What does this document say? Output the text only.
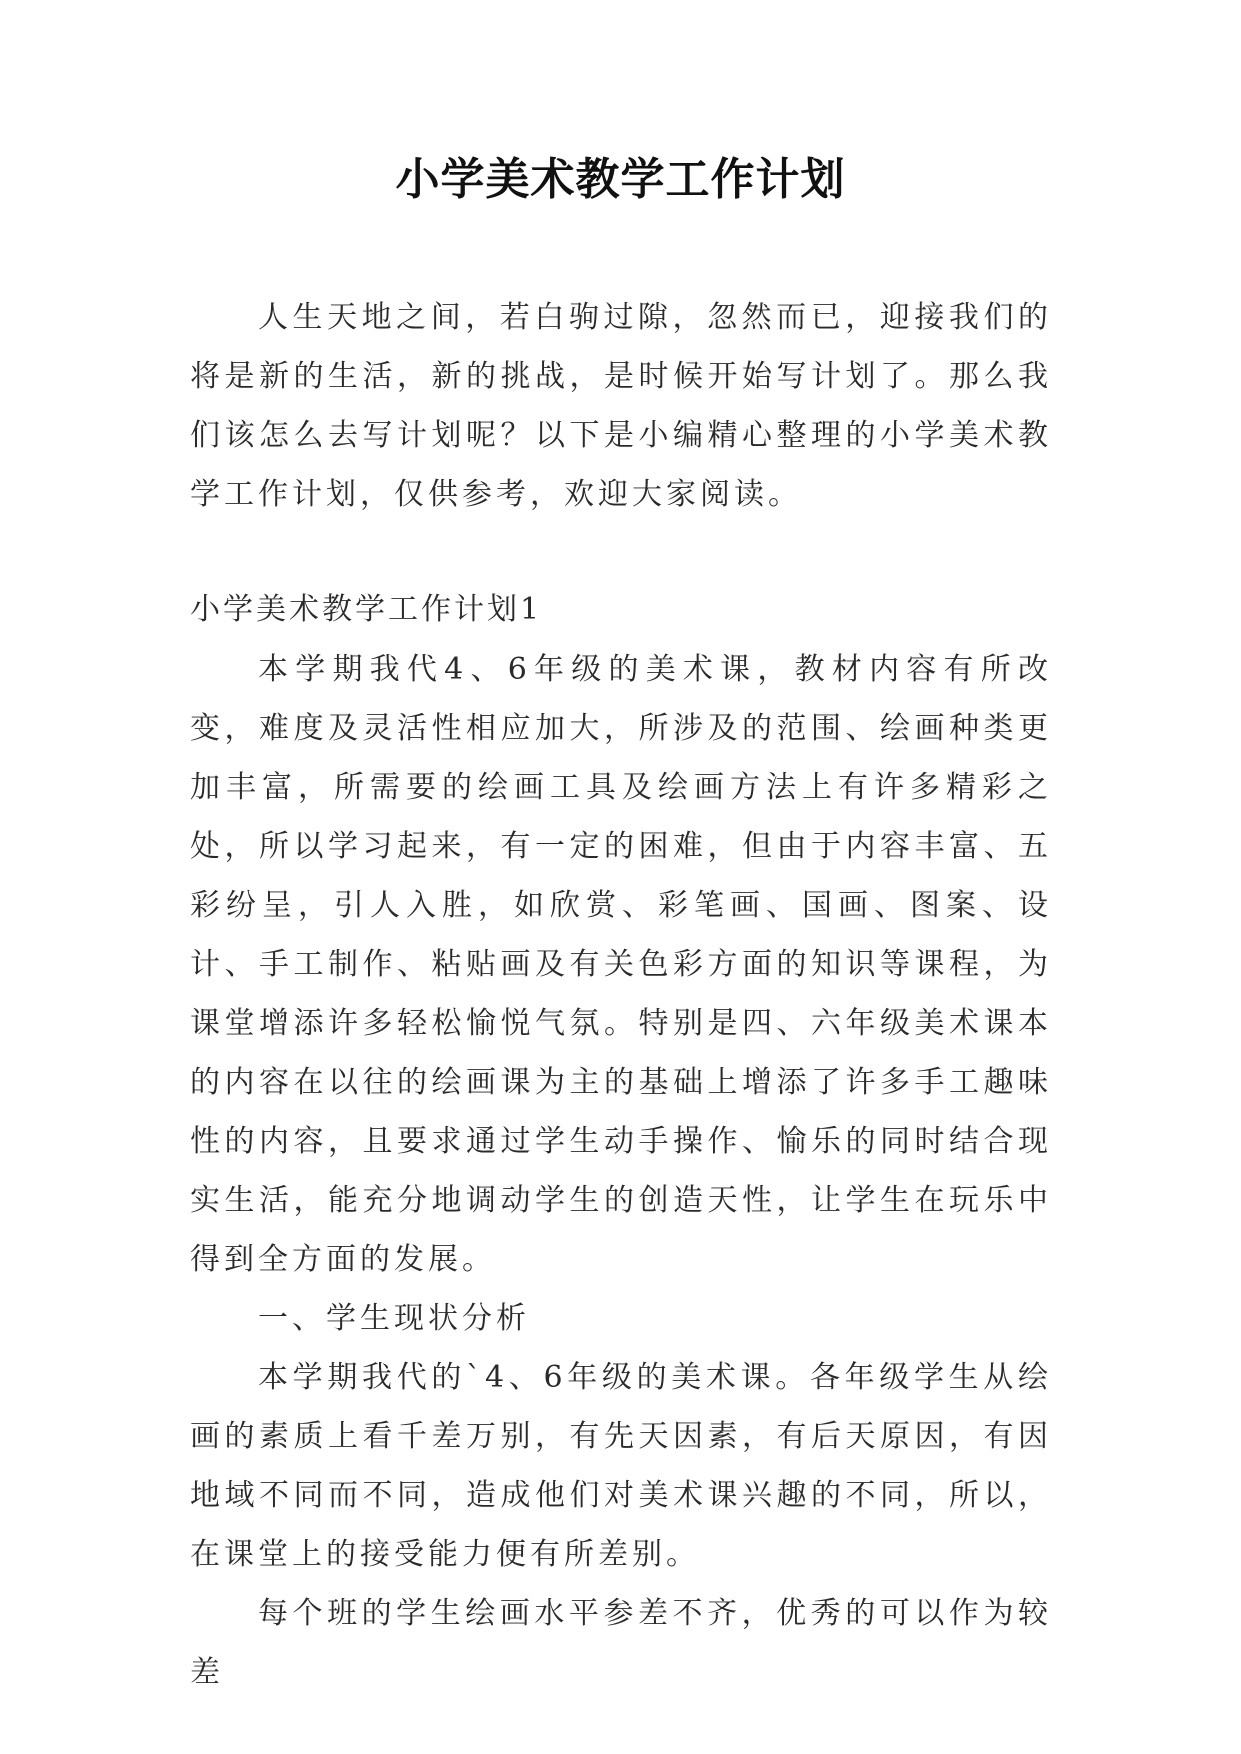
小学美术教学工作计划

人生天地之间，若白驹过隙，忽然而已，迎接我们的将是新的生活，新的挑战，是时候开始写计划了。那么我们该怎么去写计划呢？以下是小编精心整理的小学美术教学工作计划，仅供参考，欢迎大家阅读。

小学美术教学工作计划1

本学期我代4、6年级的美术课，教材内容有所改变，难度及灵活性相应加大，所涉及的范围、绘画种类更加丰富，所需要的绘画工具及绘画方法上有许多精彩之处，所以学习起来，有一定的困难，但由于内容丰富、五彩纷呈，引人入胜，如欣赏、彩笔画、国画、图案、设计、手工制作、粘贴画及有关色彩方面的知识等课程，为课堂增添许多轻松愉悦气氛。特别是四、六年级美术课本的内容在以往的绘画课为主的基础上增添了许多手工趣味性的内容，且要求通过学生动手操作、愉乐的同时结合现实生活，能充分地调动学生的创造天性，让学生在玩乐中得到全方面的发展。

一、学生现状分析

本学期我代的`4、6年级的美术课。各年级学生从绘画的素质上看千差万别，有先天因素，有后天原因，有因地域不同而不同，造成他们对美术课兴趣的不同，所以，在课堂上的接受能力便有所差别。

每个班的学生绘画水平参差不齐，优秀的可以作为较差
